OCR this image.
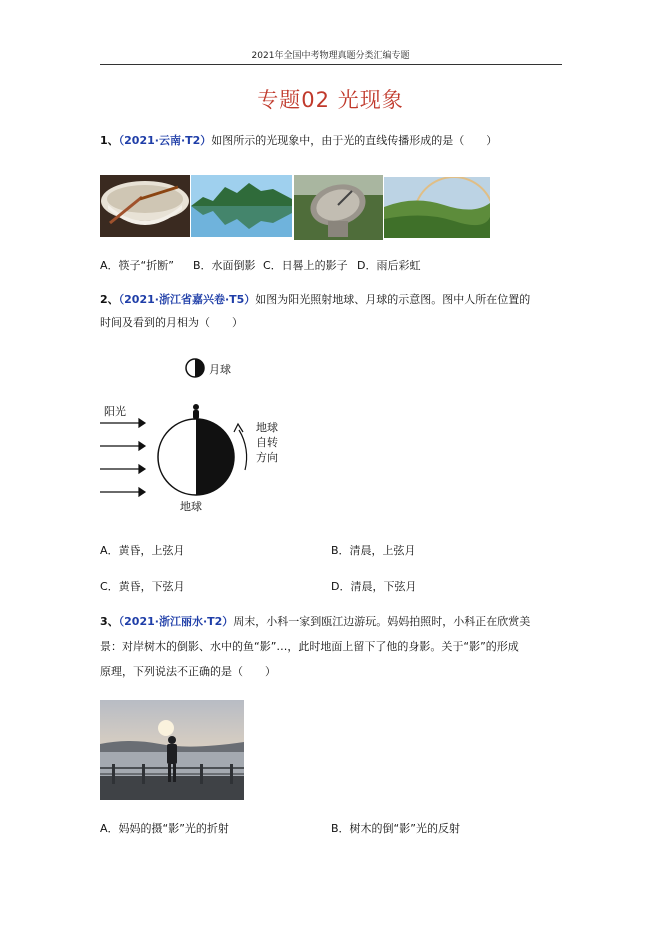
2021年全国中考物理真题分类汇编专题
专题02 光现象
1、（2021·云南·T2）如图所示的光现象中，由于光的直线传播形成的是（　　）
A．筷子“折断” B．水面倒影 C．日晷上的影子 D．雨后彩虹
2、（2021·浙江省嘉兴卷·T5）如图为阳光照射地球、月球的示意图。图中人所在位置的
时间及看到的月相为（　　）
月球
阳光
地球
地球
自转
方向
A．黄昏，上弦月	B．清晨，上弦月
C．黄昏，下弦月	D．清晨，下弦月
3、（2021·浙江丽水·T2）周末，小科一家到瓯江边游玩。妈妈拍照时，小科正在欣赏美
景：对岸树木的倒影、水中的鱼“影”…，此时地面上留下了他的身影。关于“影”的形成
原理，下列说法不正确的是（　　）
A．妈妈的摄“影”光的折射	B．树木的倒“影”光的反射
